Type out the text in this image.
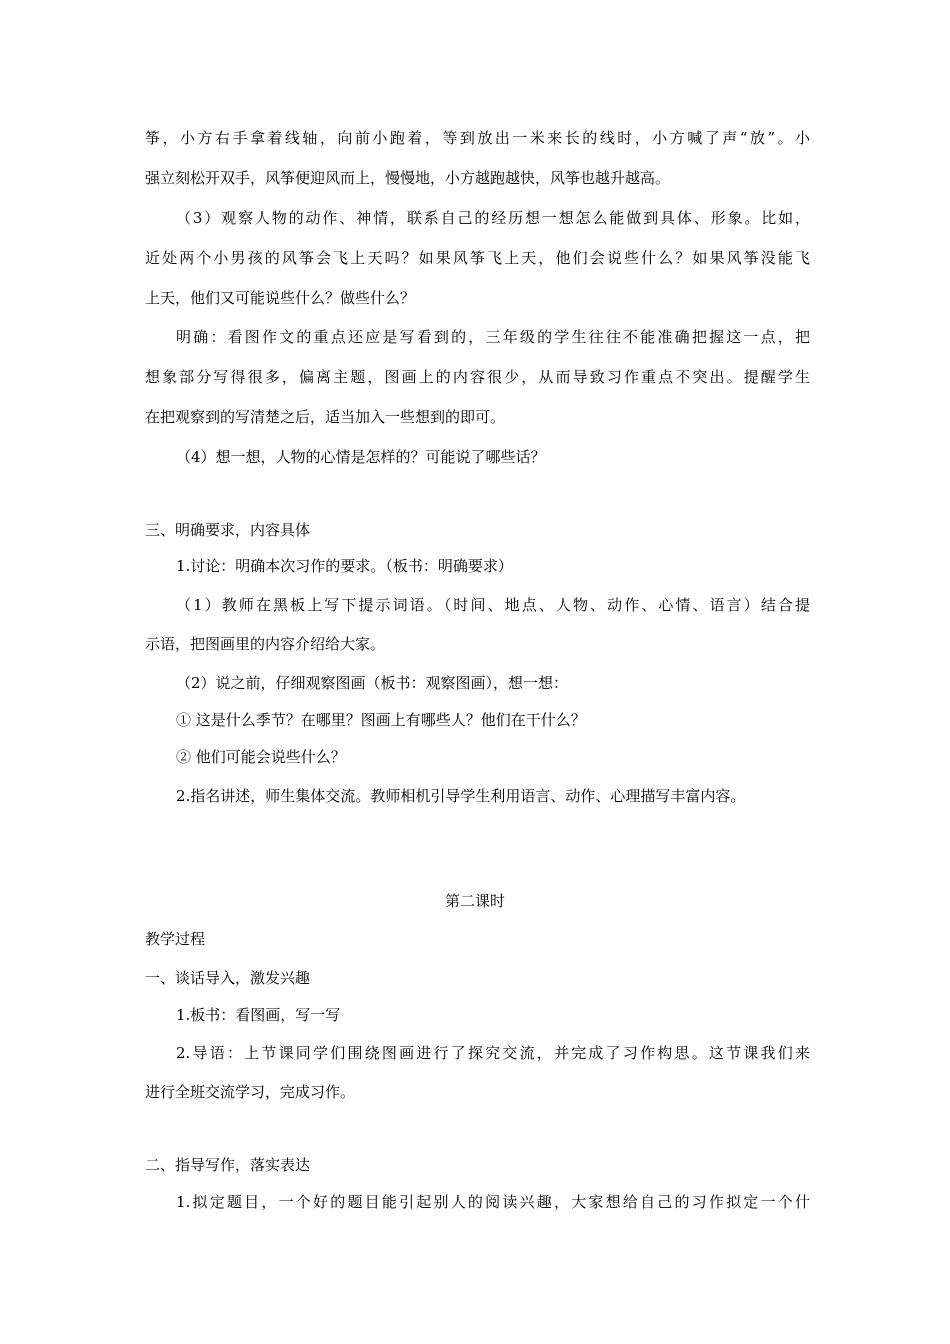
筝，小方右手拿着线轴，向前小跑着，等到放出一米来长的线时，小方喊了声“放”。小
强立刻松开双手，风筝便迎风而上，慢慢地，小方越跑越快，风筝也越升越高。
（3）观察人物的动作、神情，联系自己的经历想一想怎么能做到具体、形象。比如，
近处两个小男孩的风筝会飞上天吗？如果风筝飞上天，他们会说些什么？如果风筝没能飞
上天，他们又可能说些什么？做些什么？
明确：看图作文的重点还应是写看到的，三年级的学生往往不能准确把握这一点，把
想象部分写得很多，偏离主题，图画上的内容很少，从而导致习作重点不突出。提醒学生
在把观察到的写清楚之后，适当加入一些想到的即可。
（4）想一想，人物的心情是怎样的？可能说了哪些话？
三、明确要求，内容具体
1.讨论：明确本次习作的要求。（板书：明确要求）
（1）教师在黑板上写下提示词语。（时间、地点、人物、动作、心情、语言）结合提
示语，把图画里的内容介绍给大家。
（2）说之前，仔细观察图画（板书：观察图画），想一想：
① 这是什么季节？在哪里？图画上有哪些人？他们在干什么？
② 他们可能会说些什么？
2.指名讲述，师生集体交流。教师相机引导学生利用语言、动作、心理描写丰富内容。
第二课时
教学过程
一、谈话导入，激发兴趣
1.板书：看图画，写一写
2.导语：上节课同学们围绕图画进行了探究交流，并完成了习作构思。这节课我们来
进行全班交流学习，完成习作。
二、指导写作，落实表达
1.拟定题目，一个好的题目能引起别人的阅读兴趣，大家想给自己的习作拟定一个什
